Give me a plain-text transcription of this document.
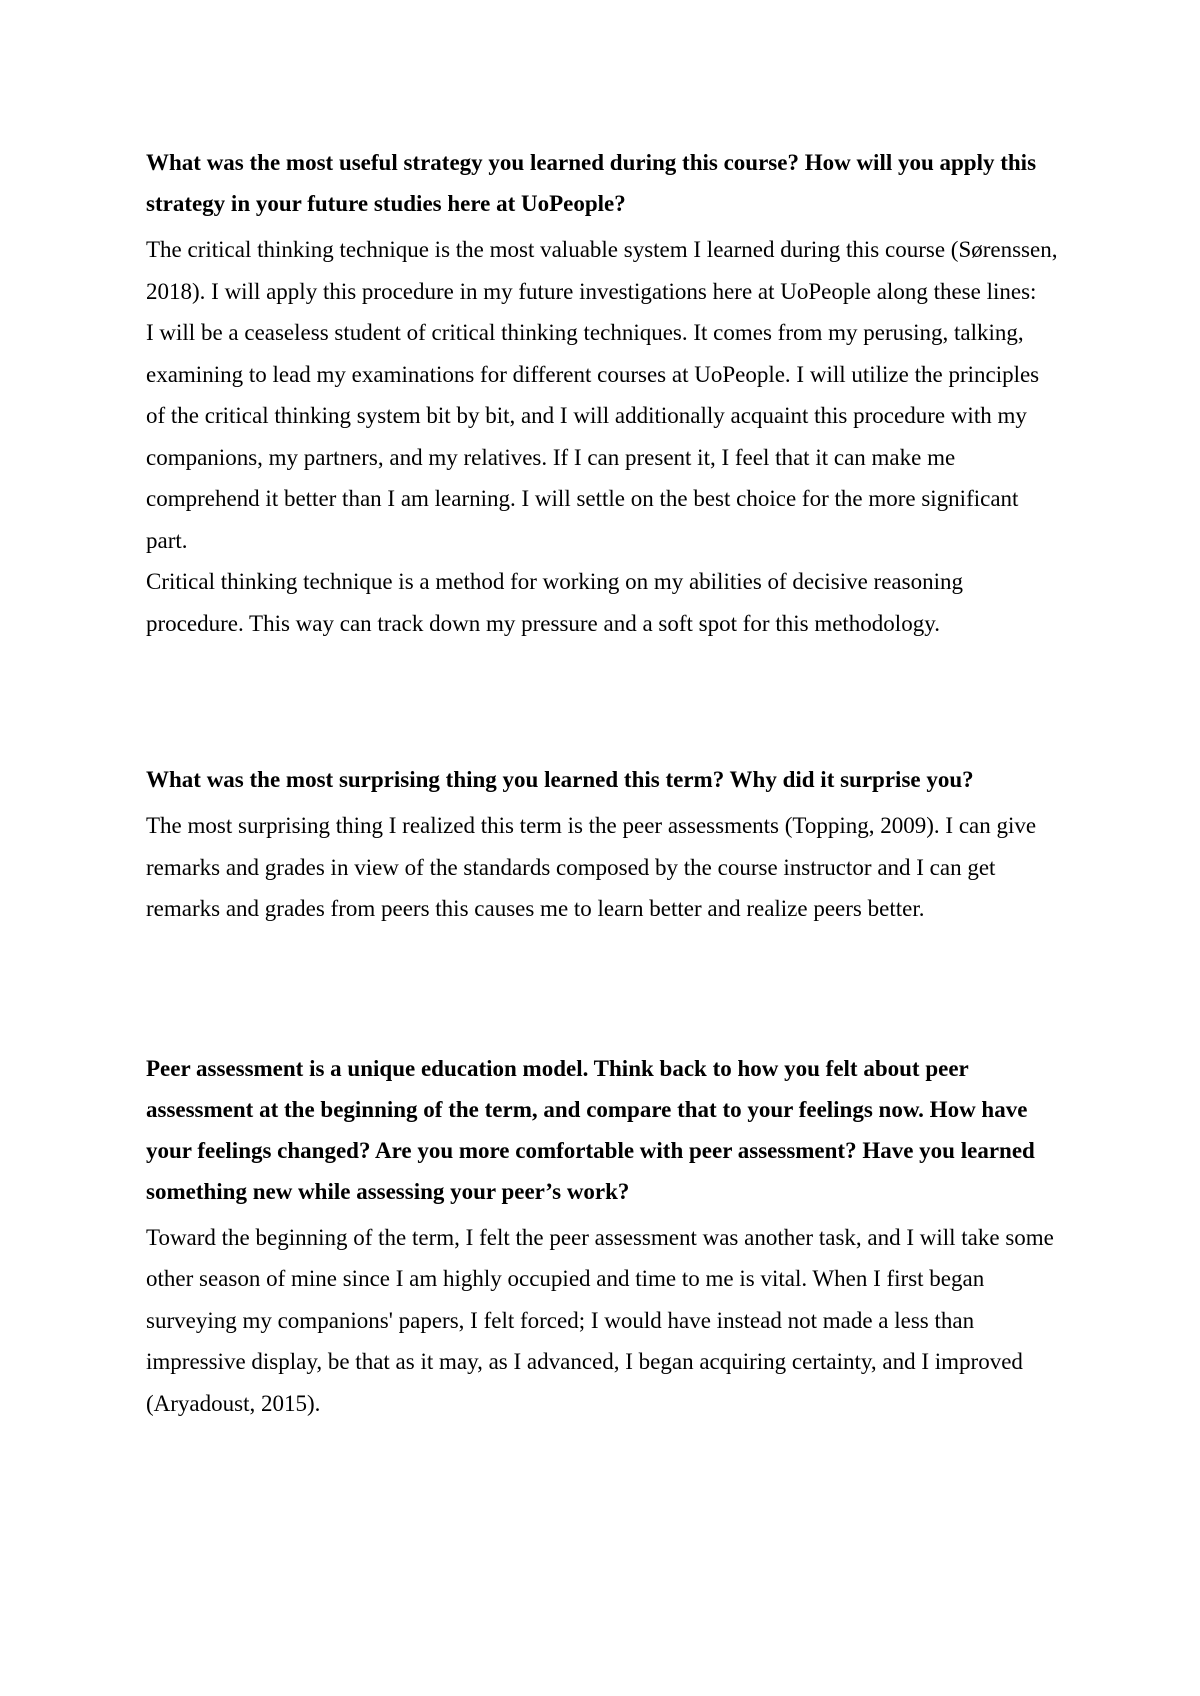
What was the most useful strategy you learned during this course? How will you apply this strategy in your future studies here at UoPeople?

The critical thinking technique is the most valuable system I learned during this course (Sørenssen, 2018). I will apply this procedure in my future investigations here at UoPeople along these lines:

I will be a ceaseless student of critical thinking techniques. It comes from my perusing, talking, examining to lead my examinations for different courses at UoPeople. I will utilize the principles of the critical thinking system bit by bit, and I will additionally acquaint this procedure with my companions, my partners, and my relatives. If I can present it, I feel that it can make me comprehend it better than I am learning. I will settle on the best choice for the more significant part.

Critical thinking technique is a method for working on my abilities of decisive reasoning procedure. This way can track down my pressure and a soft spot for this methodology.

What was the most surprising thing you learned this term? Why did it surprise you?

The most surprising thing I realized this term is the peer assessments (Topping, 2009). I can give remarks and grades in view of the standards composed by the course instructor and I can get remarks and grades from peers this causes me to learn better and realize peers better.

Peer assessment is a unique education model. Think back to how you felt about peer assessment at the beginning of the term, and compare that to your feelings now. How have your feelings changed? Are you more comfortable with peer assessment? Have you learned something new while assessing your peer’s work?

Toward the beginning of the term, I felt the peer assessment was another task, and I will take some other season of mine since I am highly occupied and time to me is vital. When I first began surveying my companions' papers, I felt forced; I would have instead not made a less than impressive display, be that as it may, as I advanced, I began acquiring certainty, and I improved (Aryadoust, 2015).
